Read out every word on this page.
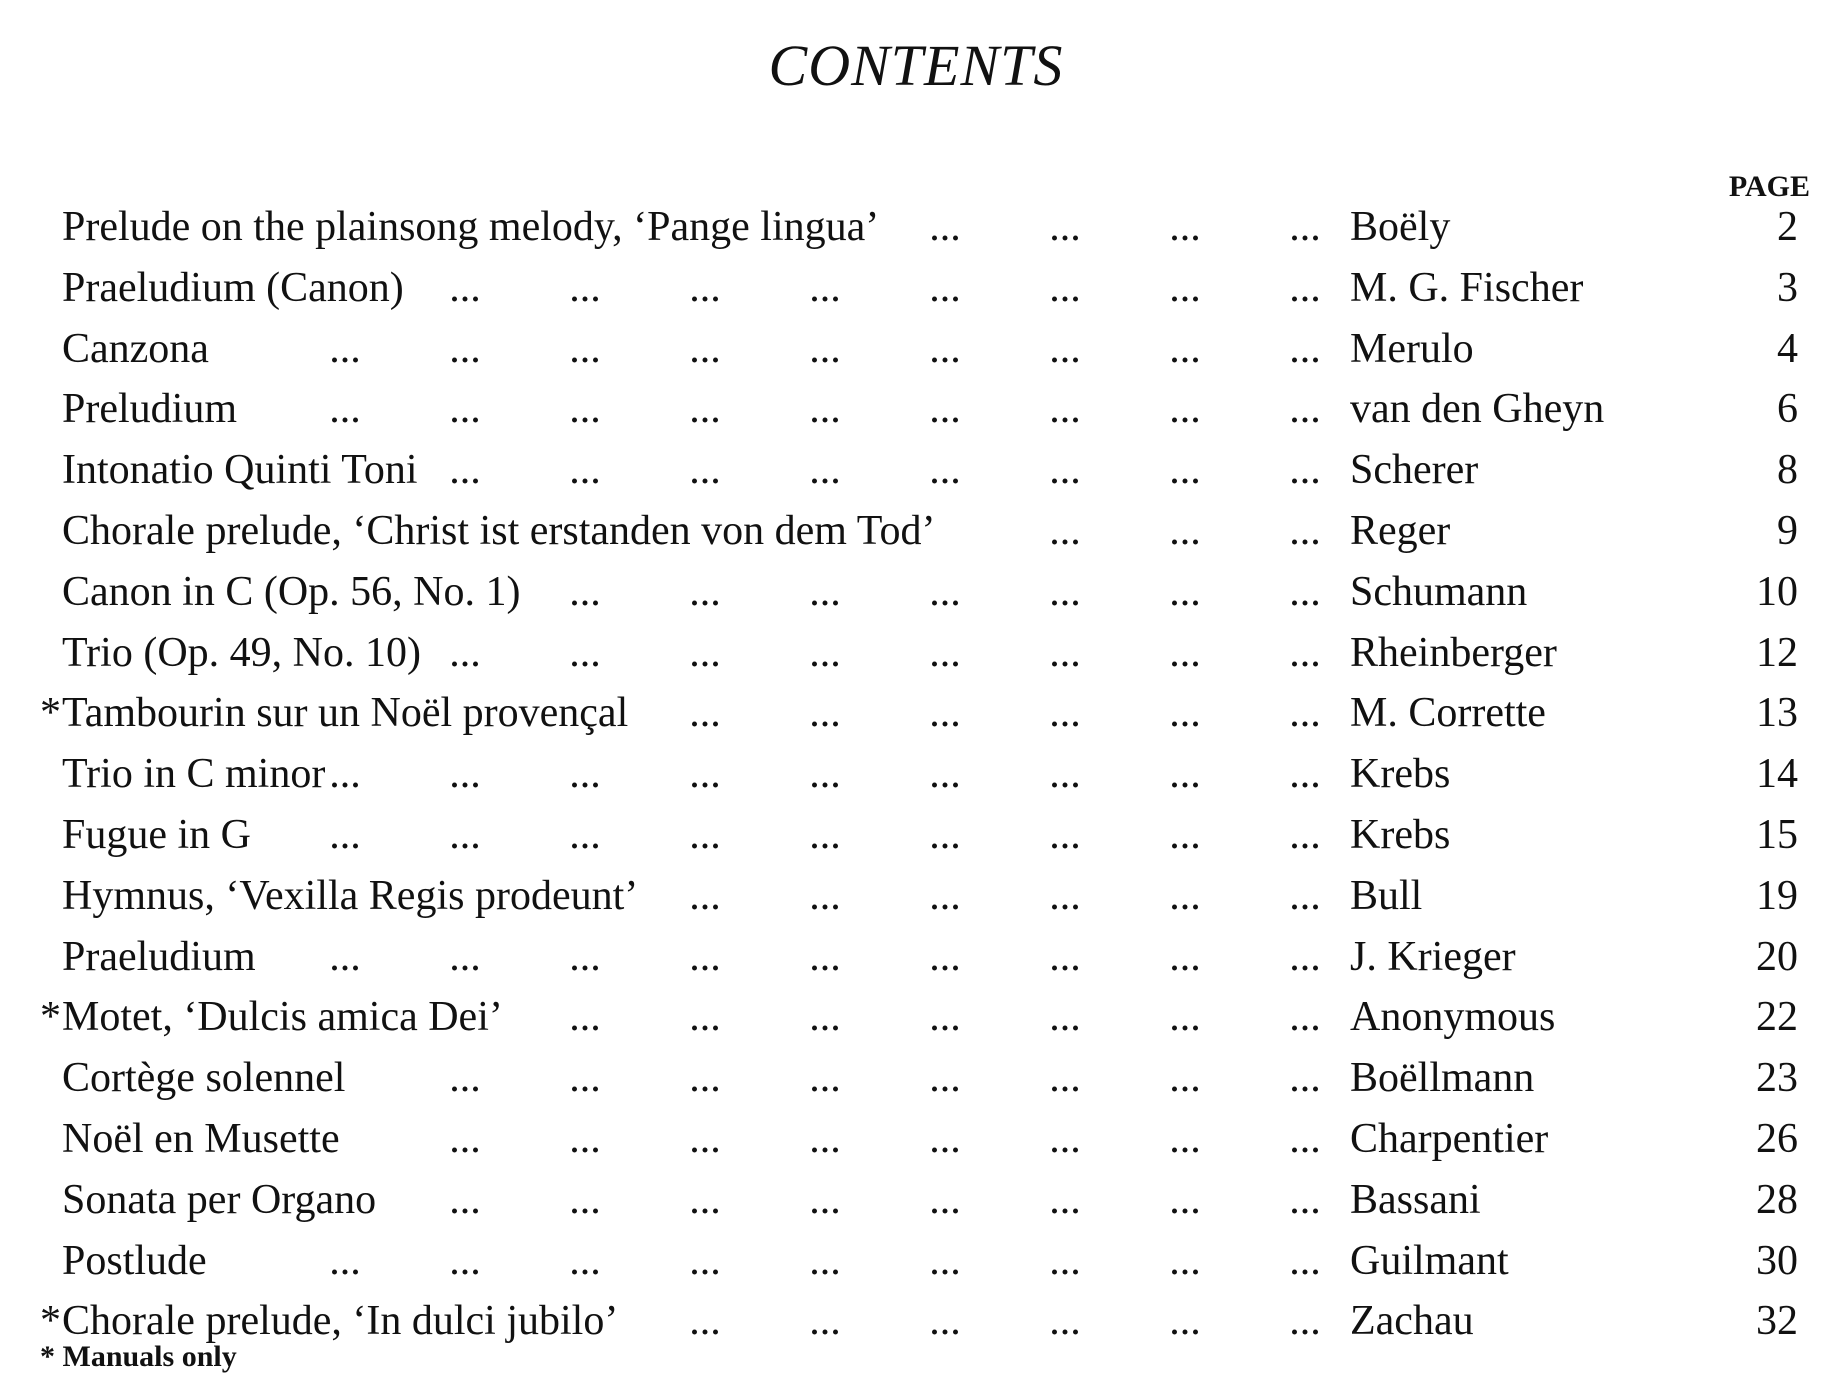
CONTENTS
PAGE
Prelude on the plainsong melody, ‘Pange lingua’ ... ... ... ... Boëly	2
Praeludium (Canon) ... ... ... ... ... ... ... ... M. G. Fischer	3
Canzona	... ... ... ... ... ... ... ... ... Merulo	4
Preludium ... ... ... ... ... ... ... ... ... van den Gheyn	6
Intonatio Quinti Toni ... ... ... ... ... ... ... ... Scherer	8
Chorale prelude, ‘Christ ist erstanden von dem Tod’	... ... ... Reger	9
Canon in C (Op. 56, No. 1) ... ... ... ... ... ... ... Schumann	10
Trio (Op. 49, No. 10) ... ... ... ... ... ... ... ... Rheinberger	12
* Tambourin sur un Noël provençal ... ... ... ... ... ... M. Corrette	13
Trio in C minor ... ... ... ... ... ... ... ... ... Krebs	14
Fugue in G ... ... ... ... ... ... ... ... ... Krebs	15
Hymnus, ‘Vexilla Regis prodeunt’ ... ... ... ... ... ... Bull	19
Praeludium ... ... ... ... ... ... ... ... ... J. Krieger	20
* Motet, ‘Dulcis amica Dei’ ... ... ... ... ... ... ... Anonymous	22
Cortège solennel ... ... ... ... ... ... ... ... Boëllmann	23
Noël en Musette	... ... ... ... ... ... ... ... Charpentier	26
Sonata per Organo ... ... ... ... ... ... ... ... Bassani	28
Postlude	... ... ... ... ... ... ... ... ... Guilmant	30
* Chorale prelude, ‘In dulci jubilo’ ... ... ... ... ... ... Zachau	32
* Manuals only
